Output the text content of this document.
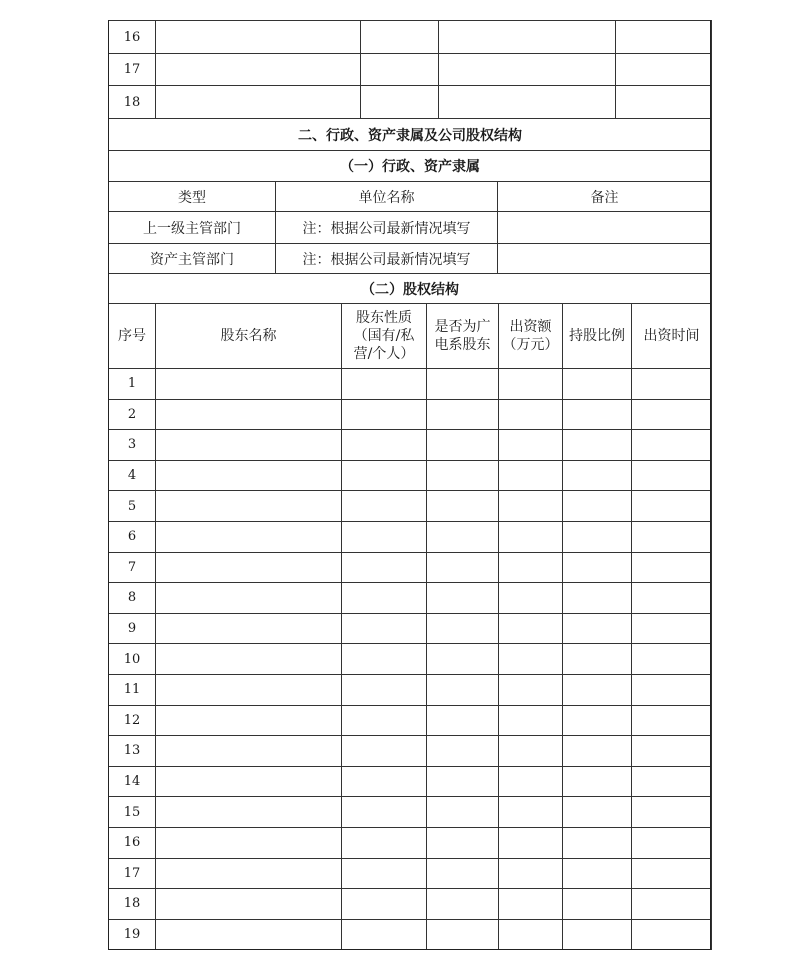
16				
17				
18				
二、行政、资产隶属及公司股权结构		
（一）行政、资产隶属		
类型	单位名称	备注
上一级主管部门	注：根据公司最新情况填写	
资产主管部门	注：根据公司最新情况填写	
（二）股权结构		
序号	股东名称	股东性质（国有/私营/个人）	是否为广电系股东	出资额（万元）	持股比例	出资时间
1						
2						
3						
4						
5						
6						
7						
8						
9						
10						
11						
12						
13						
14						
15						
16						
17						
18						
19						
